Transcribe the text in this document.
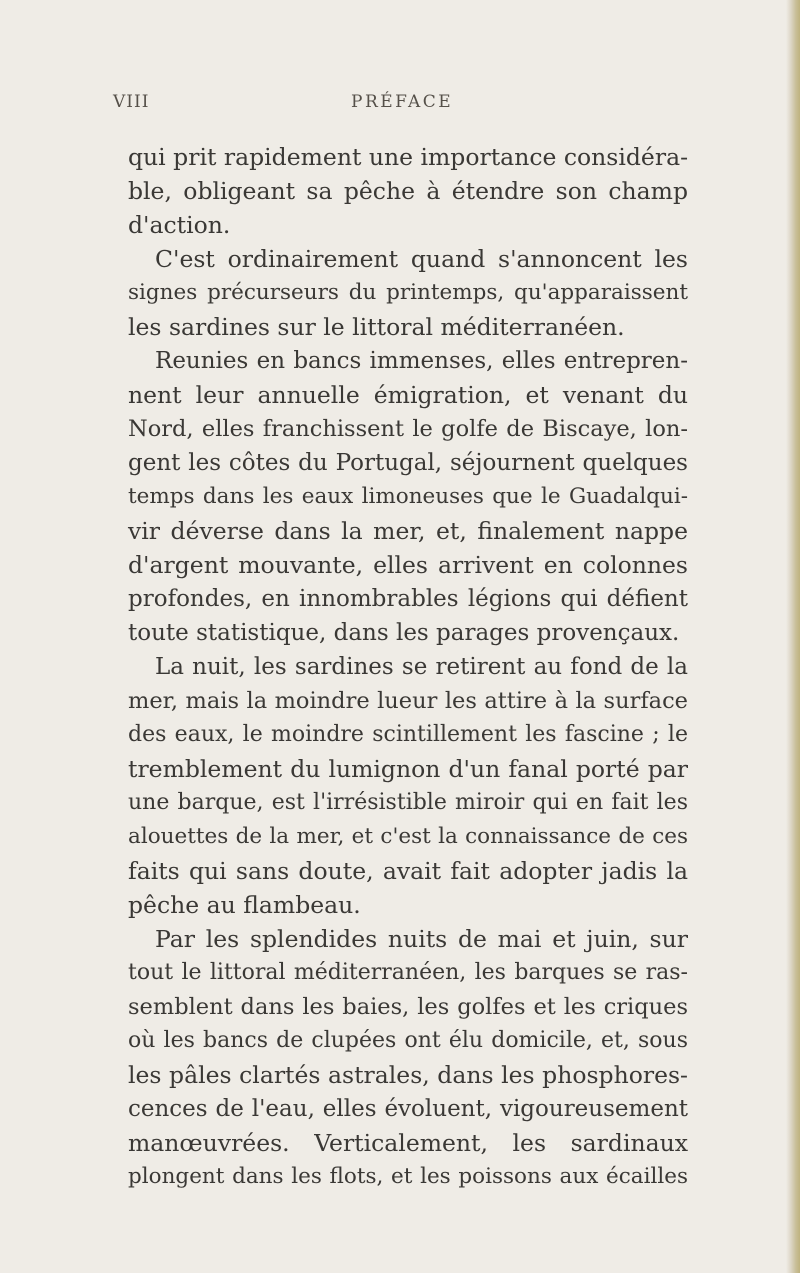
VIII	PRÉFACE
qui prit rapidement une importance considéra-
ble, obligeant sa pêche à étendre son champ
d'action.
C'est ordinairement quand s'annoncent les
signes précurseurs du printemps, qu'apparaissent
les sardines sur le littoral méditerranéen.
Reunies en bancs immenses, elles entrepren-
nent leur annuelle émigration, et venant du
Nord, elles franchissent le golfe de Biscaye, lon-
gent les côtes du Portugal, séjournent quelques
temps dans les eaux limoneuses que le Guadalqui-
vir déverse dans la mer, et, finalement nappe
d'argent mouvante, elles arrivent en colonnes
profondes, en innombrables légions qui défient
toute statistique, dans les parages provençaux.
La nuit, les sardines se retirent au fond de la
mer, mais la moindre lueur les attire à la surface
des eaux, le moindre scintillement les fascine ; le
tremblement du lumignon d'un fanal porté par
une barque, est l'irrésistible miroir qui en fait les
alouettes de la mer, et c'est la connaissance de ces
faits qui sans doute, avait fait adopter jadis la
pêche au flambeau.
Par les splendides nuits de mai et juin, sur
tout le littoral méditerranéen, les barques se ras-
semblent dans les baies, les golfes et les criques
où les bancs de clupées ont élu domicile, et, sous
les pâles clartés astrales, dans les phosphores-
cences de l'eau, elles évoluent, vigoureusement
manœuvrées. Verticalement, les sardinaux
plongent dans les flots, et les poissons aux écailles
